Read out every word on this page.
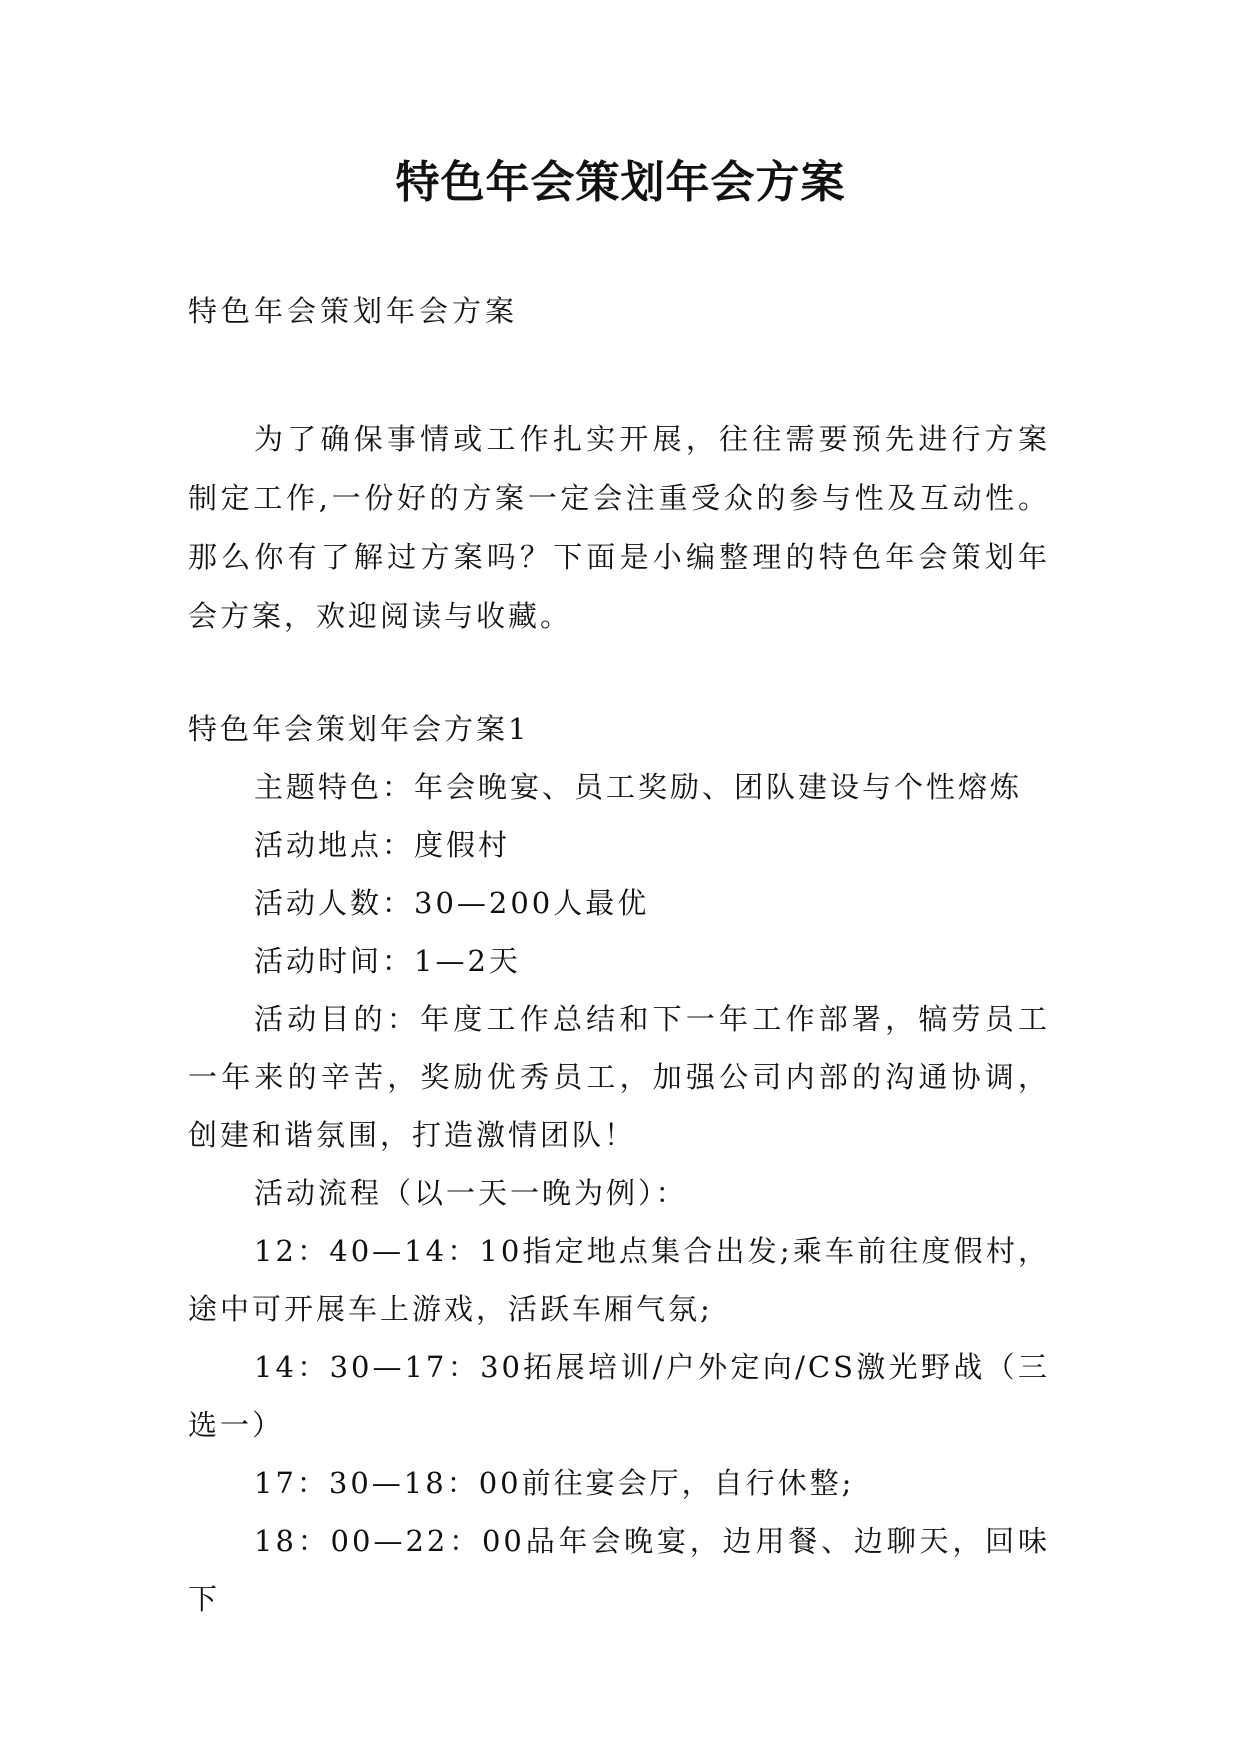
特色年会策划年会方案
特色年会策划年会方案

为了确保事情或工作扎实开展，往往需要预先进行方案制定工作,一份好的方案一定会注重受众的参与性及互动性。那么你有了解过方案吗？下面是小编整理的特色年会策划年会方案，欢迎阅读与收藏。

特色年会策划年会方案1

主题特色：年会晚宴、员工奖励、团队建设与个性熔炼

活动地点：度假村

活动人数：30—200人最优

活动时间：1—2天

活动目的：年度工作总结和下一年工作部署，犒劳员工一年来的辛苦，奖励优秀员工，加强公司内部的沟通协调，创建和谐氛围，打造激情团队！

活动流程（以一天一晚为例）：

12：40—14：10指定地点集合出发;乘车前往度假村，途中可开展车上游戏，活跃车厢气氛;

14：30—17：30拓展培训/户外定向/CS激光野战（三选一）

17：30—18：00前往宴会厅，自行休整;

18：00—22：00品年会晚宴，边用餐、边聊天，回味下
